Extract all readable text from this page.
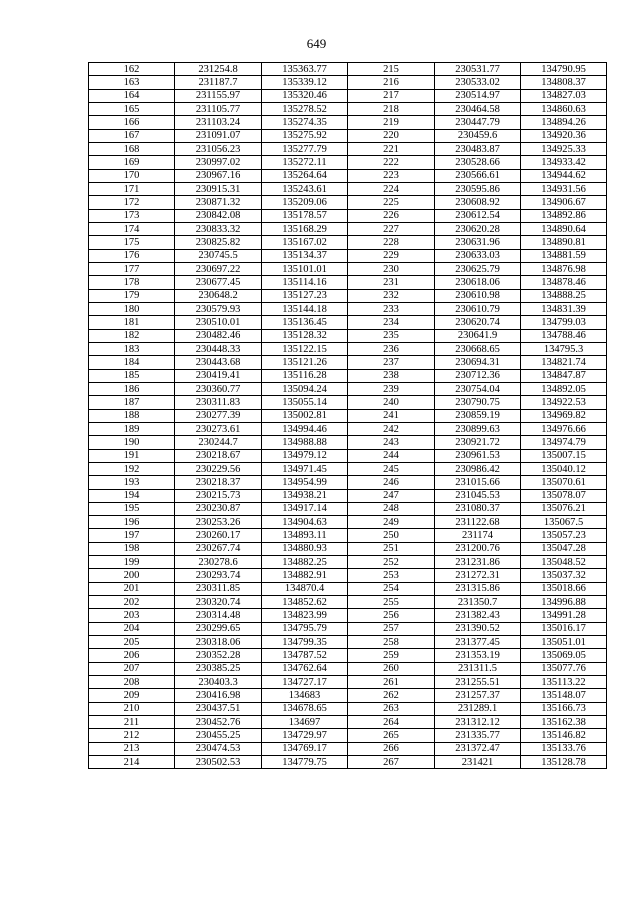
649
162	231254.8	135363.77	215	230531.77	134790.95
163	231187.7	135339.12	216	230533.02	134808.37
164	231155.97	135320.46	217	230514.97	134827.03
165	231105.77	135278.52	218	230464.58	134860.63
166	231103.24	135274.35	219	230447.79	134894.26
167	231091.07	135275.92	220	230459.6	134920.36
168	231056.23	135277.79	221	230483.87	134925.33
169	230997.02	135272.11	222	230528.66	134933.42
170	230967.16	135264.64	223	230566.61	134944.62
171	230915.31	135243.61	224	230595.86	134931.56
172	230871.32	135209.06	225	230608.92	134906.67
173	230842.08	135178.57	226	230612.54	134892.86
174	230833.32	135168.29	227	230620.28	134890.64
175	230825.82	135167.02	228	230631.96	134890.81
176	230745.5	135134.37	229	230633.03	134881.59
177	230697.22	135101.01	230	230625.79	134876.98
178	230677.45	135114.16	231	230618.06	134878.46
179	230648.2	135127.23	232	230610.98	134888.25
180	230579.93	135144.18	233	230610.79	134831.39
181	230510.01	135136.45	234	230620.74	134799.03
182	230482.46	135128.32	235	230641.9	134788.46
183	230448.33	135122.15	236	230668.65	134795.3
184	230443.68	135121.26	237	230694.31	134821.74
185	230419.41	135116.28	238	230712.36	134847.87
186	230360.77	135094.24	239	230754.04	134892.05
187	230311.83	135055.14	240	230790.75	134922.53
188	230277.39	135002.81	241	230859.19	134969.82
189	230273.61	134994.46	242	230899.63	134976.66
190	230244.7	134988.88	243	230921.72	134974.79
191	230218.67	134979.12	244	230961.53	135007.15
192	230229.56	134971.45	245	230986.42	135040.12
193	230218.37	134954.99	246	231015.66	135070.61
194	230215.73	134938.21	247	231045.53	135078.07
195	230230.87	134917.14	248	231080.37	135076.21
196	230253.26	134904.63	249	231122.68	135067.5
197	230260.17	134893.11	250	231174	135057.23
198	230267.74	134880.93	251	231200.76	135047.28
199	230278.6	134882.25	252	231231.86	135048.52
200	230293.74	134882.91	253	231272.31	135037.32
201	230311.85	134870.4	254	231315.86	135018.66
202	230320.74	134852.62	255	231350.7	134996.88
203	230314.48	134823.99	256	231382.43	134991.28
204	230299.65	134795.79	257	231390.52	135016.17
205	230318.06	134799.35	258	231377.45	135051.01
206	230352.28	134787.52	259	231353.19	135069.05
207	230385.25	134762.64	260	231311.5	135077.76
208	230403.3	134727.17	261	231255.51	135113.22
209	230416.98	134683	262	231257.37	135148.07
210	230437.51	134678.65	263	231289.1	135166.73
211	230452.76	134697	264	231312.12	135162.38
212	230455.25	134729.97	265	231335.77	135146.82
213	230474.53	134769.17	266	231372.47	135133.76
214	230502.53	134779.75	267	231421	135128.78
